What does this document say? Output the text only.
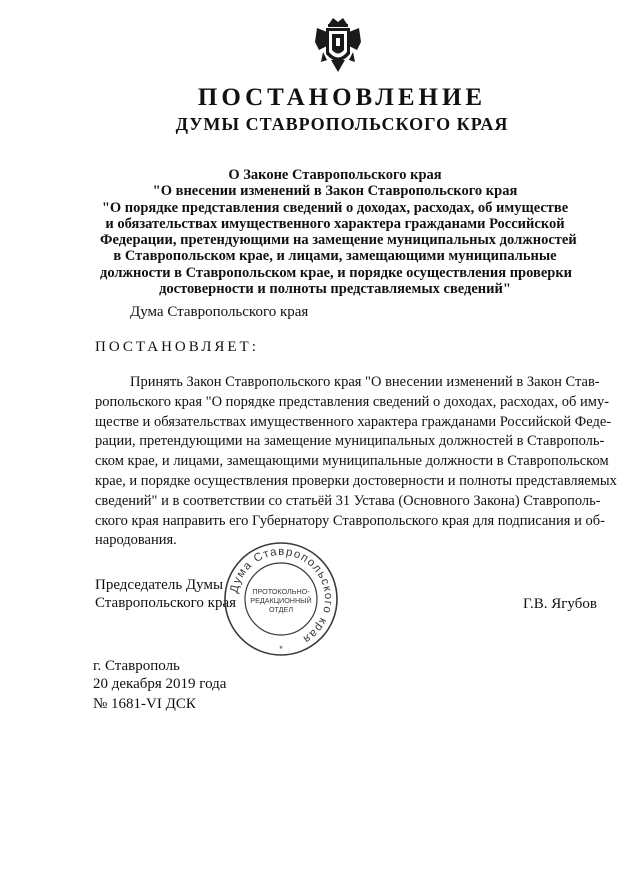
ПОСТАНОВЛЕНИЕ
ДУМЫ СТАВРОПОЛЬСКОГО КРАЯ
О Законе Ставропольского края
"О внесении изменений в Закон Ставропольского края
"О порядке представления сведений о доходах, расходах, об имуществе
и обязательствах имущественного характера гражданами Российской
Федерации, претендующими на замещение муниципальных должностей
в Ставропольском крае, и лицами, замещающими муниципальные
должности в Ставропольском крае, и порядке осуществления проверки
достоверности и полноты представляемых сведений"
Дума Ставропольского края
ПОСТАНОВЛЯЕТ:
Принять Закон Ставропольского края "О внесении изменений в Закон Став-
ропольского края "О порядке представления сведений о доходах, расходах, об иму-
ществе и обязательствах имущественного характера гражданами Российской Феде-
рации, претендующими на замещение муниципальных должностей в Ставрополь-
ском крае, и лицами, замещающими муниципальные должности в Ставропольском
крае, и порядке осуществления проверки достоверности и полноты представляемых
сведений" и в соответствии со статьёй 31 Устава (Основного Закона) Ставрополь-
ского края направить его Губернатору Ставропольского края для подписания и об-
народования.
Председатель Думы
Ставропольского края	Г.В. Ягубов
г. Ставрополь
20 декабря 2019 года
№ 1681-VI ДСК
Дума Ставропольского края
ПРОТОКОЛЬНО-
РЕДАКЦИОННЫЙ
ОТДЕЛ
*
